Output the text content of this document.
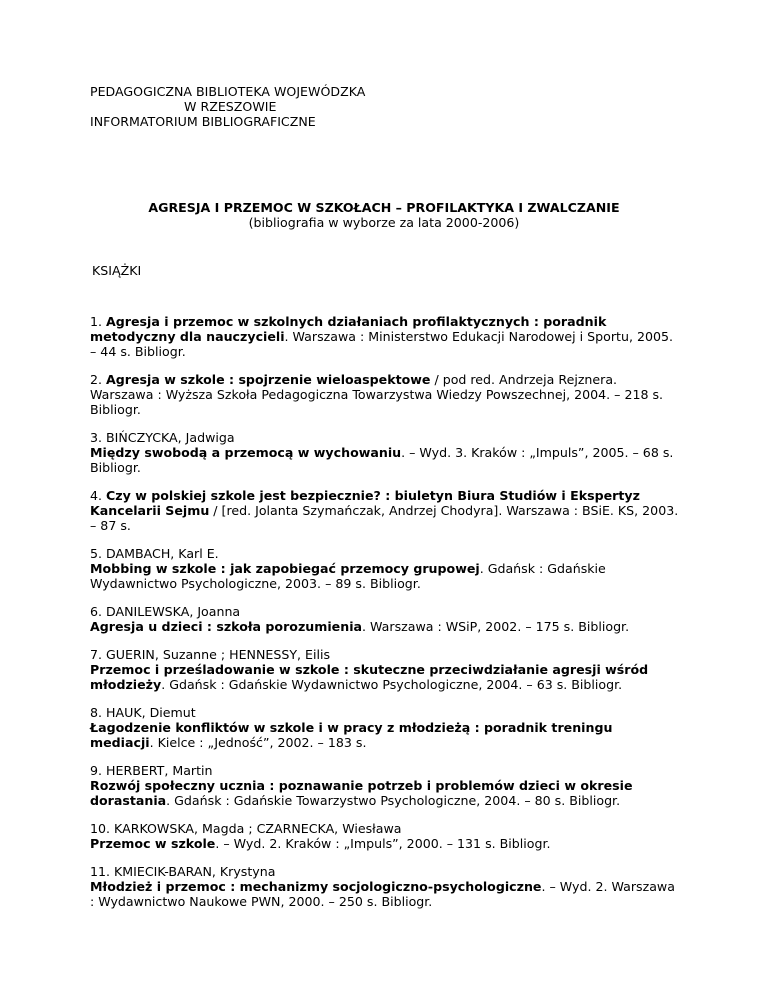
PEDAGOGICZNA BIBLIOTEKA WOJEWÓDZKA
W RZESZOWIE
INFORMATORIUM BIBLIOGRAFICZNE
AGRESJA I PRZEMOC W SZKOŁACH – PROFILAKTYKA I ZWALCZANIE
(bibliografia w wyborze za lata 2000-2006)
KSIĄŻKI
1. Agresja i przemoc w szkolnych działaniach profilaktycznych : poradnik metodyczny dla nauczycieli. Warszawa : Ministerstwo Edukacji Narodowej i Sportu, 2005. – 44 s. Bibliogr.
2. Agresja w szkole : spojrzenie wieloaspektowe / pod red. Andrzeja Rejznera. Warszawa : Wyższa Szkoła Pedagogiczna Towarzystwa Wiedzy Powszechnej, 2004. – 218 s. Bibliogr.
3. BIŃCZYCKA, Jadwiga
Między swobodą a przemocą w wychowaniu. – Wyd. 3. Kraków : „Impuls”, 2005. – 68 s. Bibliogr.
4. Czy w polskiej szkole jest bezpiecznie? : biuletyn Biura Studiów i Ekspertyz Kancelarii Sejmu / [red. Jolanta Szymańczak, Andrzej Chodyra]. Warszawa : BSiE. KS, 2003. – 87 s.
5. DAMBACH, Karl E.
Mobbing w szkole : jak zapobiegać przemocy grupowej. Gdańsk : Gdańskie Wydawnictwo Psychologiczne, 2003. – 89 s. Bibliogr.
6. DANILEWSKA, Joanna
Agresja u dzieci : szkoła porozumienia. Warszawa : WSiP, 2002. – 175 s. Bibliogr.
7. GUERIN, Suzanne ; HENNESSY, Eilis
Przemoc i prześladowanie w szkole : skuteczne przeciwdziałanie agresji wśród młodzieży. Gdańsk : Gdańskie Wydawnictwo Psychologiczne, 2004. – 63 s. Bibliogr.
8. HAUK, Diemut
Łagodzenie konfliktów w szkole i w pracy z młodzieżą : poradnik treningu mediacji. Kielce : „Jedność”, 2002. – 183 s.
9. HERBERT, Martin
Rozwój społeczny ucznia : poznawanie potrzeb i problemów dzieci w okresie dorastania. Gdańsk : Gdańskie Towarzystwo Psychologiczne, 2004. – 80 s. Bibliogr.
10. KARKOWSKA, Magda ; CZARNECKA, Wiesława
Przemoc w szkole. – Wyd. 2. Kraków : „Impuls”, 2000. – 131 s. Bibliogr.
11. KMIECIK-BARAN, Krystyna
Młodzież i przemoc : mechanizmy socjologiczno-psychologiczne. – Wyd. 2. Warszawa : Wydawnictwo Naukowe PWN, 2000. – 250 s. Bibliogr.
